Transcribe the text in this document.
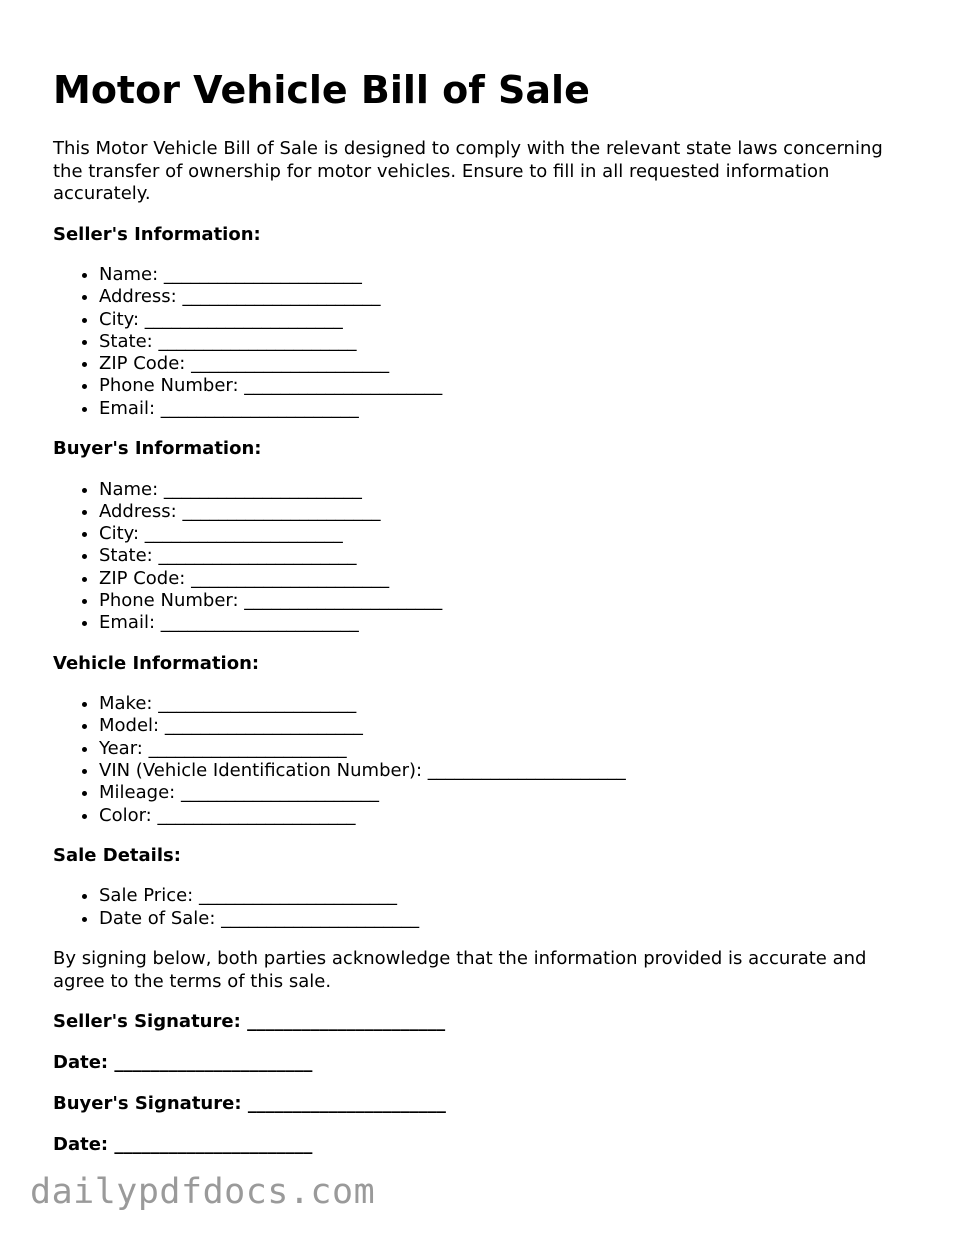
Motor Vehicle Bill of Sale

This Motor Vehicle Bill of Sale is designed to comply with the relevant state laws concerning the transfer of ownership for motor vehicles. Ensure to fill in all requested information accurately.

Seller's Information:

• Name: ______________________
• Address: ______________________
• City: ______________________
• State: ______________________
• ZIP Code: ______________________
• Phone Number: ______________________
• Email: ______________________

Buyer's Information:

• Name: ______________________
• Address: ______________________
• City: ______________________
• State: ______________________
• ZIP Code: ______________________
• Phone Number: ______________________
• Email: ______________________

Vehicle Information:

• Make: ______________________
• Model: ______________________
• Year: ______________________
• VIN (Vehicle Identification Number): ______________________
• Mileage: ______________________
• Color: ______________________

Sale Details:

• Sale Price: ______________________
• Date of Sale: ______________________

By signing below, both parties acknowledge that the information provided is accurate and agree to the terms of this sale.

Seller's Signature: ______________________

Date: ______________________

Buyer's Signature: ______________________

Date: ______________________

dailypdfdocs.com
